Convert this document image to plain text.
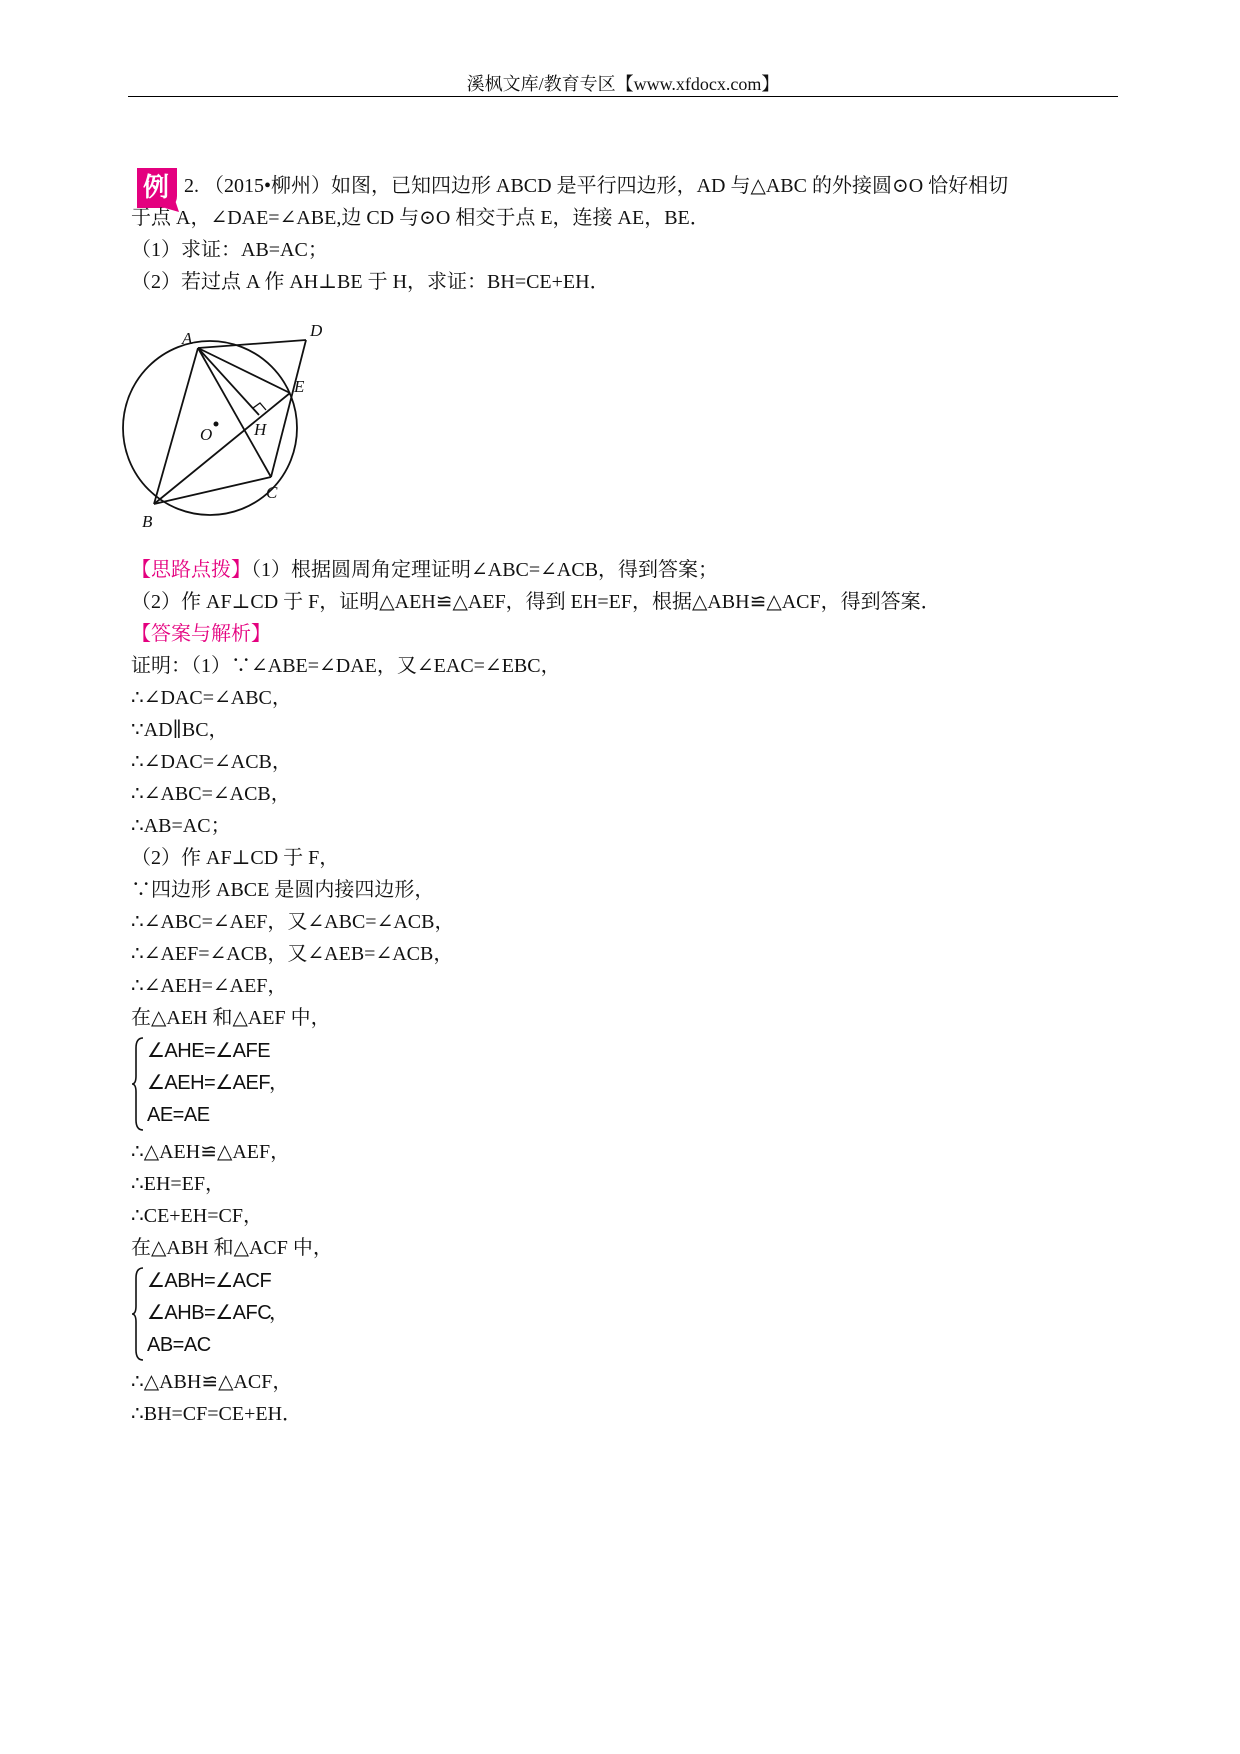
溪枫文库/教育专区【www.xfdocx.com】
例 2. （2015•柳州）如图，已知四边形 ABCD 是平行四边形，AD 与△ABC 的外接圆⊙O 恰好相切
于点 A，∠DAE=∠ABE,边 CD 与⊙O 相交于点 E，连接 AE，BE．
（1）求证：AB=AC；
（2）若过点 A 作 AH⊥BE 于 H，求证：BH=CE+EH．
A	D
E
H
C
B
O
【思路点拨】（1）根据圆周角定理证明∠ABC=∠ACB，得到答案；
（2）作 AF⊥CD 于 F，证明△AEH≌△AEF，得到 EH=EF，根据△ABH≌△ACF，得到答案．
【答案与解析】
证明：（1）∵∠ABE=∠DAE，又∠EAC=∠EBC，
∴∠DAC=∠ABC，
∵AD∥BC，
∴∠DAC=∠ACB，
∴∠ABC=∠ACB，
∴AB=AC；
（2）作 AF⊥CD 于 F，
∵四边形 ABCE 是圆内接四边形，
∴∠ABC=∠AEF，又∠ABC=∠ACB，
∴∠AEF=∠ACB，又∠AEB=∠ACB，
∴∠AEH=∠AEF，
在△AEH 和△AEF 中，
∠AHE=∠AFE
∠AEH=∠AEF
AE=AE
，
∴△AEH≌△AEF，
∴EH=EF，
∴CE+EH=CF，
在△ABH 和△ACF 中，
∠ABH=∠ACF
∠AHB=∠AFC
AB=AC
，
∴△ABH≌△ACF，
∴BH=CF=CE+EH．
